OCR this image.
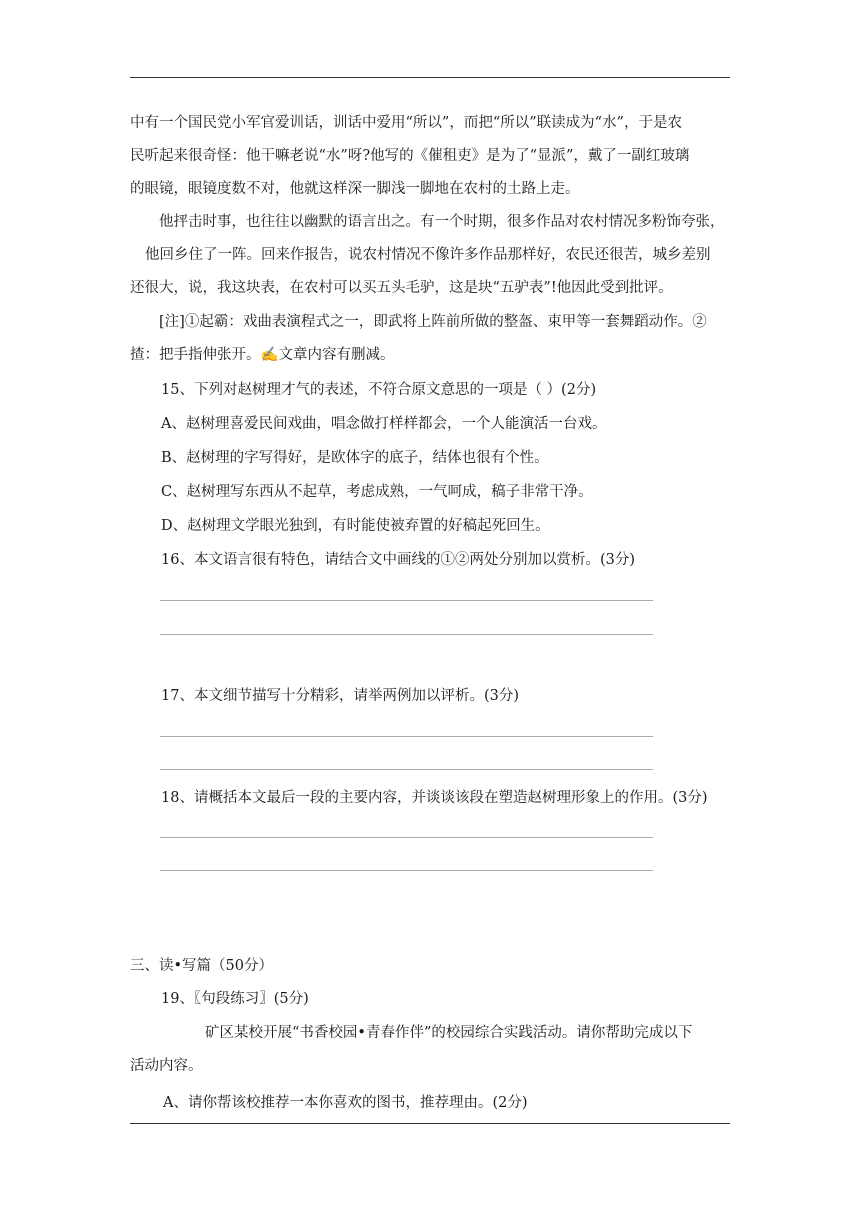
中有一个国民党小军官爱训话，训话中爱用“所以”，而把“所以”联读成为“水”，于是农
民听起来很奇怪：他干嘛老说“水”呀?他写的《催租吏》是为了“显派”，戴了一副红玻璃
的眼镜，眼镜度数不对，他就这样深一脚浅一脚地在农村的土路上走。
他抨击时事，也往往以幽默的语言出之。有一个时期，很多作品对农村情况多粉饰夸张，
他回乡住了一阵。回来作报告，说农村情况不像许多作品那样好，农民还很苦，城乡差别
还很大，说，我这块表，在农村可以买五头毛驴，这是块“五驴表”!他因此受到批评。
[注]①起霸：戏曲表演程式之一，即武将上阵前所做的整盔、束甲等一套舞蹈动作。②
揸：把手指伸张开。✍文章内容有删减。
15、下列对赵树理才气的表述，不符合原文意思的一项是（ ）(2分)
A、赵树理喜爱民间戏曲，唱念做打样样都会，一个人能演活一台戏。
B、赵树理的字写得好，是欧体字的底子，结体也很有个性。
C、赵树理写东西从不起草，考虑成熟，一气呵成，稿子非常干净。
D、赵树理文学眼光独到，有时能使被弃置的好稿起死回生。
16、本文语言很有特色，请结合文中画线的①②两处分别加以赏析。(3分)
17、本文细节描写十分精彩，请举两例加以评析。(3分)
18、请概括本文最后一段的主要内容，并谈谈该段在塑造赵树理形象上的作用。(3分)
三、读•写篇（50分）
19、〖句段练习〗(5分)
矿区某校开展“书香校园•青春作伴”的校园综合实践活动。请你帮助完成以下
活动内容。
A、请你帮该校推荐一本你喜欢的图书，推荐理由。(2分)
